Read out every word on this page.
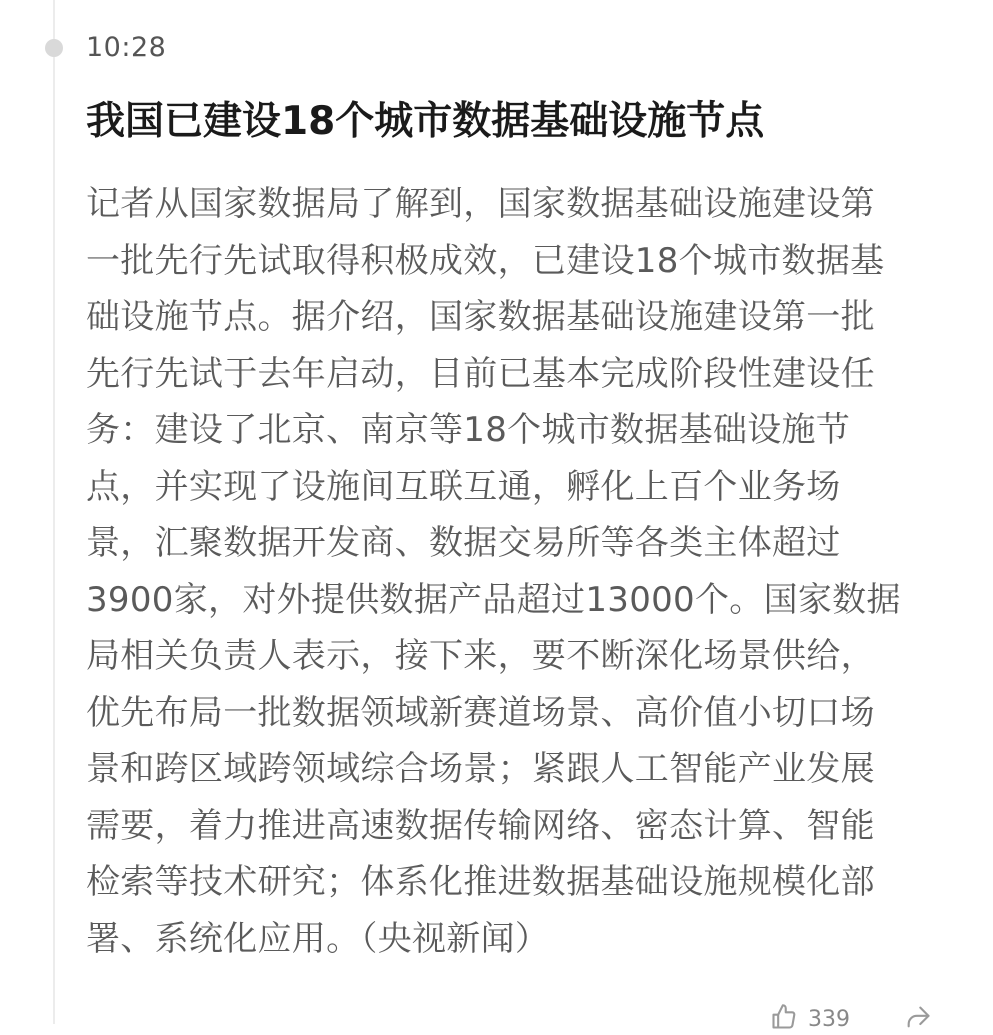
10:28
我国已建设18个城市数据基础设施节点
记者从国家数据局了解到，国家数据基础设施建设第
一批先行先试取得积极成效，已建设18个城市数据基
础设施节点。据介绍，国家数据基础设施建设第一批
先行先试于去年启动，目前已基本完成阶段性建设任
务：建设了北京、南京等18个城市数据基础设施节
点，并实现了设施间互联互通，孵化上百个业务场
景，汇聚数据开发商、数据交易所等各类主体超过
3900家，对外提供数据产品超过13000个。国家数据
局相关负责人表示，接下来，要不断深化场景供给，
优先布局一批数据领域新赛道场景、高价值小切口场
景和跨区域跨领域综合场景；紧跟人工智能产业发展
需要，着力推进高速数据传输网络、密态计算、智能
检索等技术研究；体系化推进数据基础设施规模化部
署、系统化应用。（央视新闻）
339
